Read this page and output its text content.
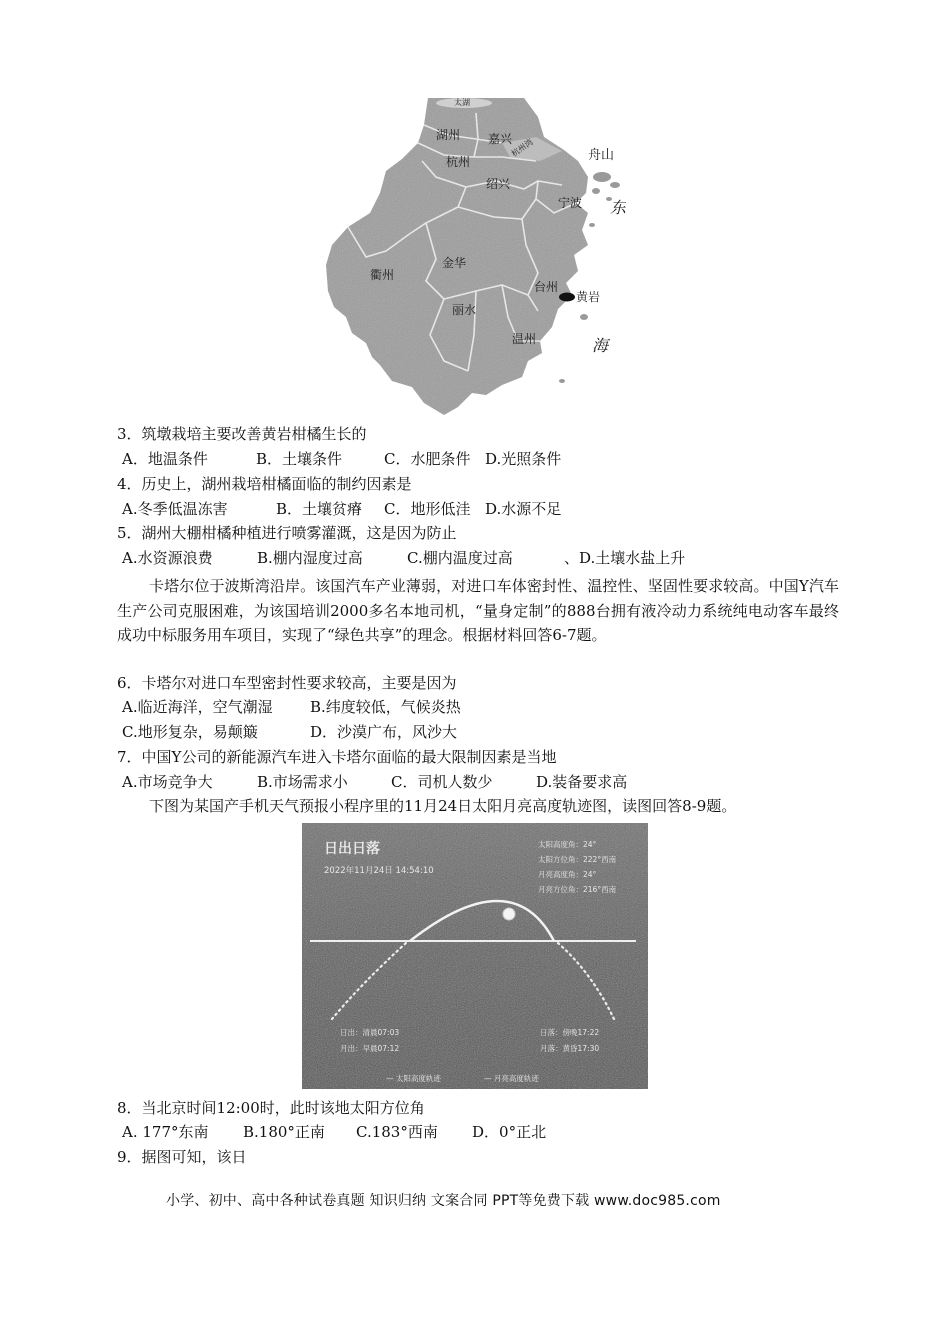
太湖
湖州 嘉兴
杭州
杭州湾
绍兴
舟山
宁波 东
衢州
金华
台州
黄岩
丽水
温州	海
3．筑墩栽培主要改善黄岩柑橘生长的
A．地温条件	B．土壤条件	C．水肥条件 D.光照条件
4．历史上，湖州栽培柑橘面临的制约因素是
A.冬季低温冻害	B．土壤贫瘠 C．地形低洼 D.水源不足
5．湖州大棚柑橘种植进行喷雾灌溉，这是因为防止
A.水资源浪费	B.棚内湿度过高	C.棚内温度过高	、D.土壤水盐上升
卡塔尔位于波斯湾沿岸。该国汽车产业薄弱，对进口车体密封性、温控性、坚固性要求较高。中国Y汽车生产公司克服困难，为该国培训2000多名本地司机，“量身定制”的888台拥有液冷动力系统纯电动客车最终成功中标服务用车项目，实现了“绿色共享”的理念。根据材料回答6-7题。
6．卡塔尔对进口车型密封性要求较高，主要是因为
A.临近海洋，空气潮湿 B.纬度较低，气候炎热
C.地形复杂，易颠簸	D．沙漠广布，风沙大
7．中国Y公司的新能源汽车进入卡塔尔面临的最大限制因素是当地
A.市场竞争大	B.市场需求小	C．司机人数少	D.装备要求高
下图为某国产手机天气预报小程序里的11月24日太阳月亮高度轨迹图，读图回答8-9题。
日出日落
2022年11月24日 14:54:10
太阳高度角：24°
太阳方位角：222°西南
月亮高度角：24°
月亮方位角：216°西南
日出：清晨07:03
月出：早晨07:12
日落：傍晚17:22
月落：黄昏17:30
— 太阳高度轨迹	— 月亮高度轨迹
8．当北京时间12:00时，此时该地太阳方位角
A. 177°东南 B.180°正南 C.183°西南 D．0°正北
9．据图可知，该日
小学、初中、高中各种试卷真题 知识归纳 文案合同 PPT等免费下载 www.doc985.com
